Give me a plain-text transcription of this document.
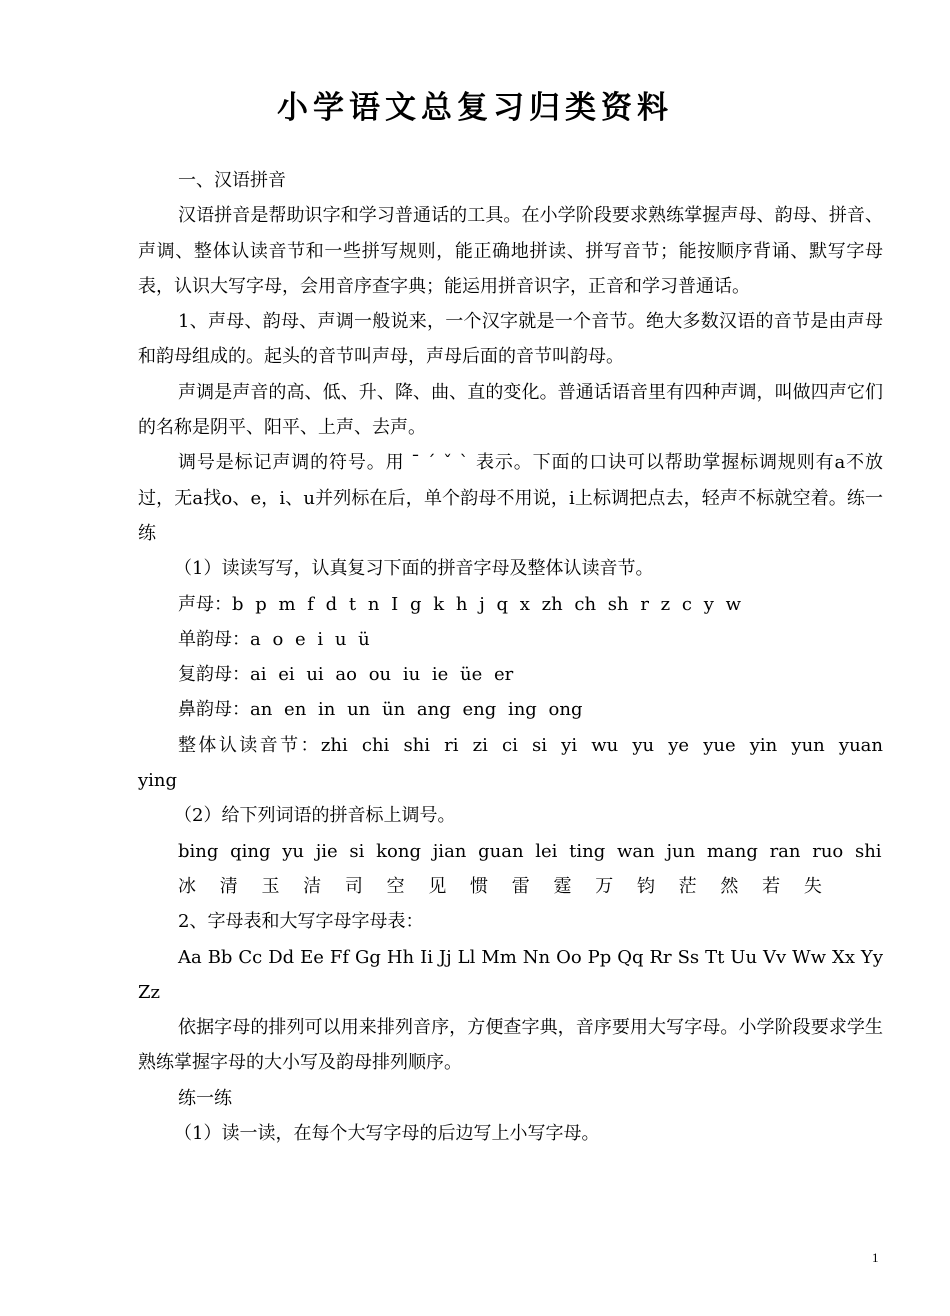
小学语文总复习归类资料

一、汉语拼音

汉语拼音是帮助识字和学习普通话的工具。在小学阶段要求熟练掌握声母、韵母、拼音、声调、整体认读音节和一些拼写规则，能正确地拼读、拼写音节；能按顺序背诵、默写字母表，认识大写字母，会用音序查字典；能运用拼音识字，正音和学习普通话。

1、声母、韵母、声调一般说来，一个汉字就是一个音节。绝大多数汉语的音节是由声母和韵母组成的。起头的音节叫声母，声母后面的音节叫韵母。

声调是声音的高、低、升、降、曲、直的变化。普通话语音里有四种声调，叫做四声它们的名称是阴平、阳平、上声、去声。

调号是标记声调的符号。用 ˉ ˊ ˇ ˋ 表示。下面的口诀可以帮助掌握标调规则有a不放过，无a找o、e，i、u并列标在后，单个韵母不用说，i上标调把点去，轻声不标就空着。练一练

（1）读读写写，认真复习下面的拼音字母及整体认读音节。

声母：b p m f d t n I g k h j q x zh ch sh r z c y w

单韵母：a o e i u ü

复韵母：ai ei ui ao ou iu ie üe er

鼻韵母：an en in un ün ang eng ing ong

整体认读音节：zhi chi shi ri zi ci si yi wu yu ye yue yin yun yuan ying

（2）给下列词语的拼音标上调号。

bing qing yu jie si kong jian guan lei ting wan jun mang ran ruo shi

冰 清 玉 洁 司 空 见 惯 雷 霆 万 钧 茫 然 若 失

2、字母表和大写字母字母表：

Aa Bb Cc Dd Ee Ff Gg Hh Ii Jj Ll Mm Nn Oo Pp Qq Rr Ss Tt Uu Vv Ww Xx Yy Zz

依据字母的排列可以用来排列音序，方便查字典，音序要用大写字母。小学阶段要求学生熟练掌握字母的大小写及韵母排列顺序。

练一练

（1）读一读，在每个大写字母的后边写上小写字母。

1
